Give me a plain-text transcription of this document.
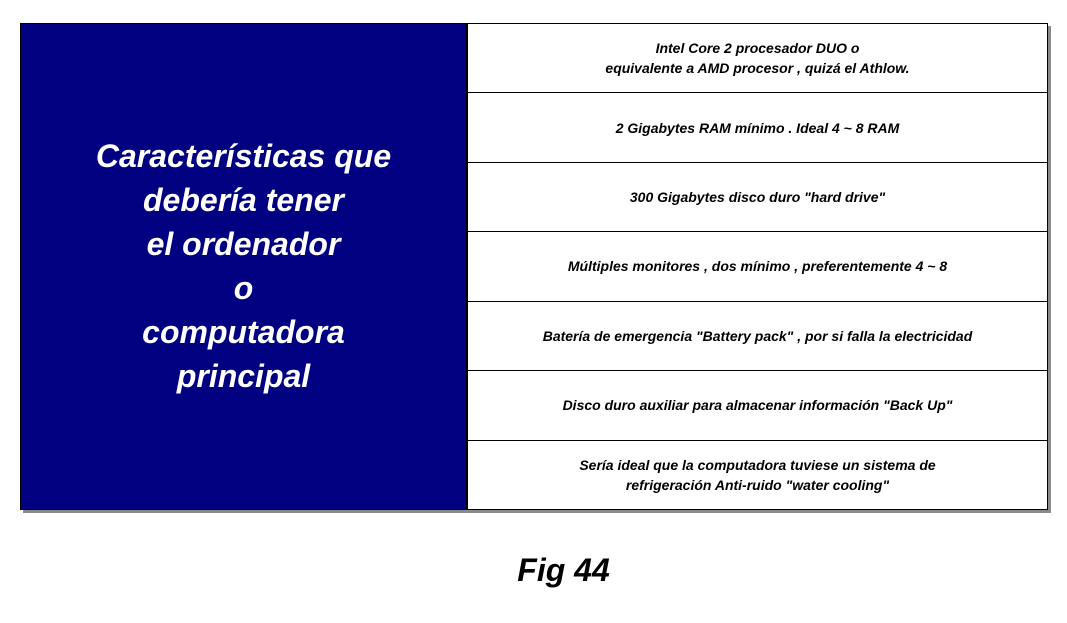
Características que
debería tener
el ordenador
o
computadora
principal

Intel Core 2 procesador DUO o
equivalente a AMD procesor , quizá el Athlow.
2 Gigabytes RAM mínimo . Ideal 4 ~ 8 RAM
300 Gigabytes disco duro "hard drive"
Múltiples monitores , dos mínimo , preferentemente 4 ~ 8
Batería de emergencia "Battery pack" , por si falla la electricidad
Disco duro auxiliar para almacenar información "Back Up"
Sería ideal que la computadora tuviese un sistema de
refrigeración Anti-ruido "water cooling"

Fig 44
